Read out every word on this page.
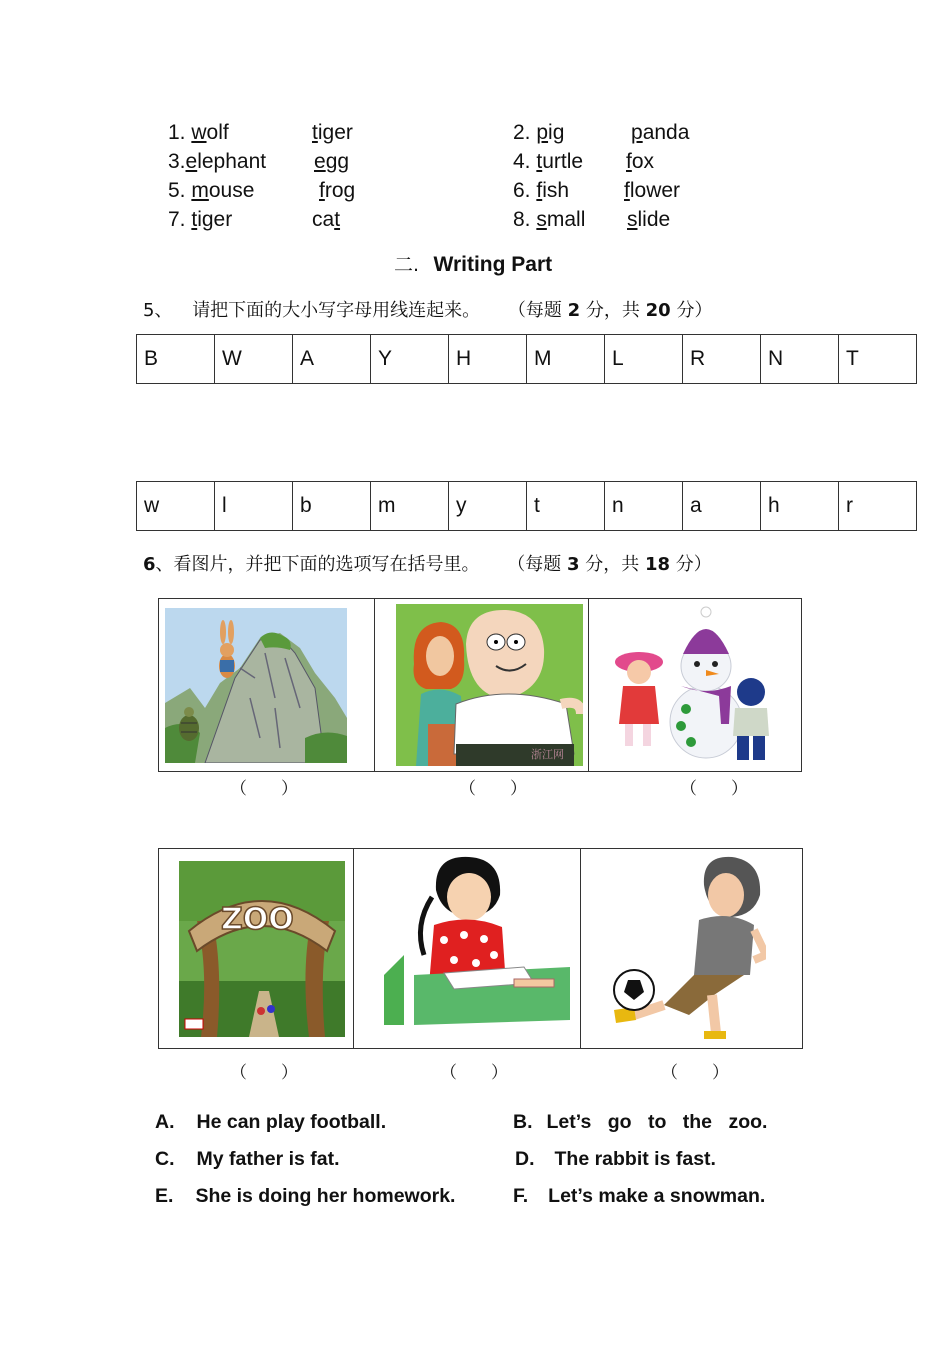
1. wolf	tiger	2. pig	panda
3.elephant egg	4. turtle fox
5. mouse	frog	6. fish	flower
7. tiger	cat	8. small slide
二. Writing Part
5、 请把下面的大小写字母用线连起来。 （每题 2 分，共 20 分）
B	W	A	Y	H	M	L	R	N	T
w	l	b	m	y	t	n	a	h	r
6、看图片，并把下面的选项写在括号里。 （每题 3 分，共 18 分）
浙江网
（　　）	（　　）	（　　）
ZOO
（　　）	（　　）	（　　）
A. He can play football.	B. Let’s go to the zoo.
C. My father is fat.	D. The rabbit is fast.
E. She is doing her homework.	F. Let’s make a snowman.
